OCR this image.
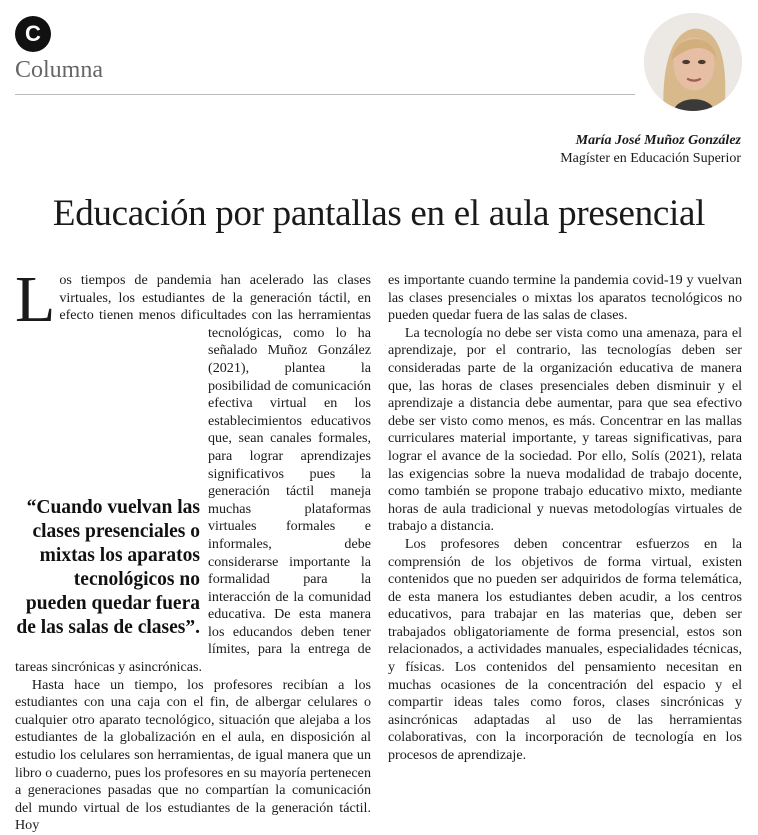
C
Columna
María José Muñoz González
Magíster en Educación Superior
Educación por pantallas en el aula presencial
L
“Cuando vuelvan las clases presenciales o mixtas los aparatos tecnológicos no pueden quedar fuera de las salas de clases”.

os tiempos de pandemia han acelerado las clases virtuales, los estudiantes de la generación táctil, en efecto tienen menos dificultades con las herramientas tecnológicas, como lo ha señalado Muñoz González (2021), plantea la posibilidad de comunicación efectiva virtual en los establecimientos educativos que, sean canales formales, para lograr aprendizajes significativos pues la generación táctil maneja muchas plataformas virtuales formales e informales, debe considerarse importante la formalidad para la interacción de la comunidad educativa. De esta manera los educandos deben tener límites, para la entrega de tareas sincrónicas y asincrónicas.

Hasta hace un tiempo, los profesores recibían a los estudiantes con una caja con el fin, de albergar celulares o cualquier otro aparato tecnológico, situación que alejaba a los estudiantes de la globalización en el aula, en disposición al estudio los celulares son herramientas, de igual manera que un libro o cuaderno, pues los profesores en su mayoría pertenecen a generaciones pasadas que no compartían la comunicación del mundo virtual de los estudiantes de la generación táctil. Hoy

es importante cuando termine la pandemia covid-19 y vuelvan las clases presenciales o mixtas los aparatos tecnológicos no pueden quedar fuera de las salas de clases.

La tecnología no debe ser vista como una amenaza, para el aprendizaje, por el contrario, las tecnologías deben ser consideradas parte de la organización educativa de manera que, las horas de clases presenciales deben disminuir y el aprendizaje a distancia debe aumentar, para que sea efectivo debe ser visto como menos, es más. Concentrar en las mallas curriculares material importante, y tareas significativas, para lograr el avance de la sociedad. Por ello, Solís (2021), relata las exigencias sobre la nueva modalidad de trabajo docente, como también se propone trabajo educativo mixto, mediante horas de aula tradicional y nuevas metodologías virtuales de trabajo a distancia.

Los profesores deben concentrar esfuerzos en la comprensión de los objetivos de forma virtual, existen contenidos que no pueden ser adquiridos de forma telemática, de esta manera los estudiantes deben acudir, a los centros educativos, para trabajar en las materias que, deben ser trabajados obligatoriamente de forma presencial, estos son relacionados, a actividades manuales, especialidades técnicas, y físicas. Los contenidos del pensamiento necesitan en muchas ocasiones de la concentración del espacio y el compartir ideas tales como foros, clases sincrónicas y asincrónicas adaptadas al uso de las herramientas colaborativas, con la incorporación de tecnología en los procesos de aprendizaje.
